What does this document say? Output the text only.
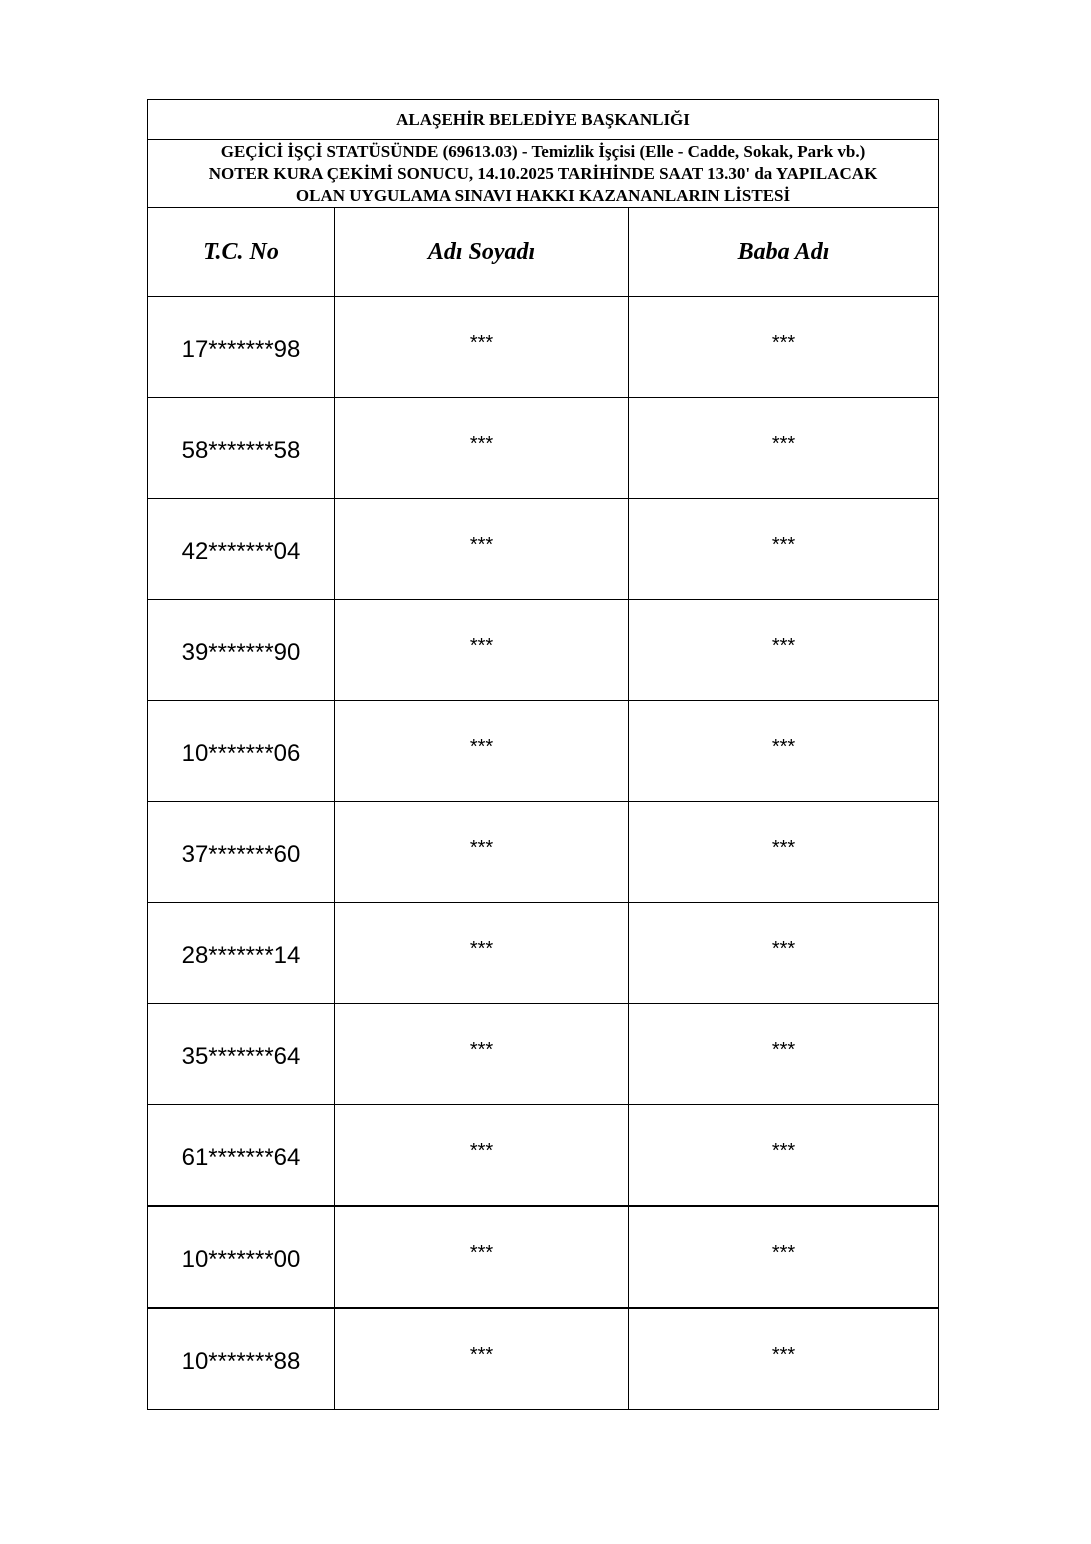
ALAŞEHİR BELEDİYE BAŞKANLIĞI		

GEÇİCİ İŞÇİ STATÜSÜNDE (69613.03) - Temizlik İşçisi (Elle - Cadde, Sokak, Park vb.)
NOTER KURA ÇEKİMİ SONUCU, 14.10.2025 TARİHİNDE SAAT 13.30' da YAPILACAK
OLAN UYGULAMA SINAVI HAKKI KAZANANLARIN LİSTESİ		

T.C. No	Adı Soyadı	Baba Adı
17*******98	***	***
58*******58	***	***
42*******04	***	***
39*******90	***	***
10*******06	***	***
37*******60	***	***
28*******14	***	***
35*******64	***	***
61*******64	***	***
10*******00	***	***
10*******88	***	***
